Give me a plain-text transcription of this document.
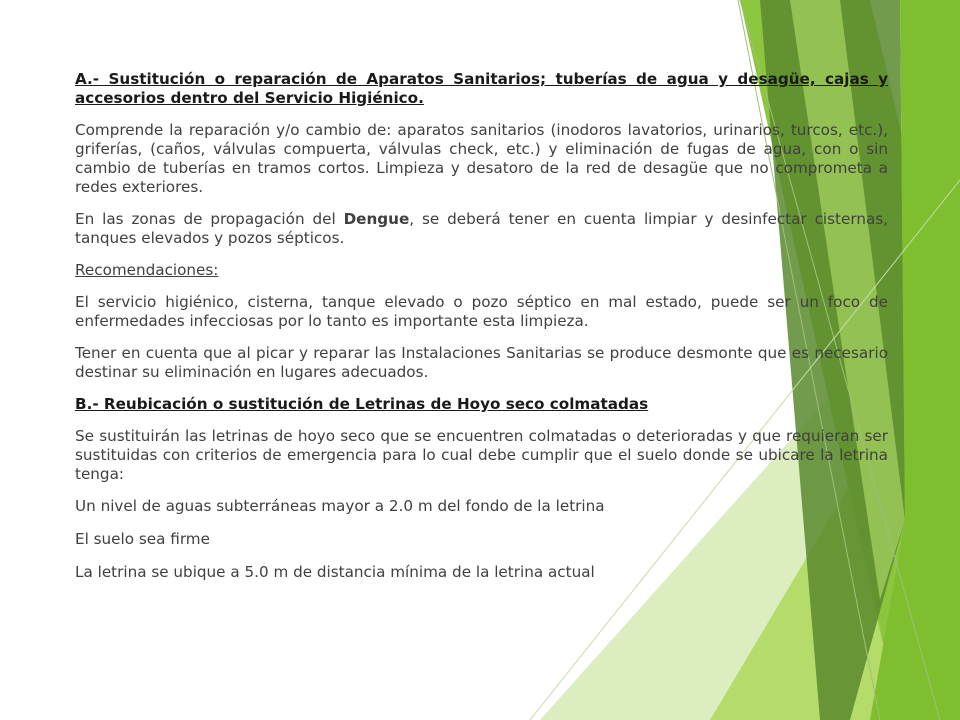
A.- Sustitución o reparación de Aparatos Sanitarios; tuberías de agua y desagüe, cajas y accesorios dentro del Servicio Higiénico.

Comprende la reparación y/o cambio de: aparatos sanitarios (inodoros lavatorios, urinarios, turcos, etc.), griferías, (caños, válvulas compuerta, válvulas check, etc.) y eliminación de fugas de agua, con o sin cambio de tuberías en tramos cortos. Limpieza y desatoro de la red de desagüe que no comprometa a redes exteriores.

En las zonas de propagación del Dengue, se deberá tener en cuenta limpiar y desinfectar cisternas, tanques elevados y pozos sépticos.

Recomendaciones:

El servicio higiénico, cisterna, tanque elevado o pozo séptico en mal estado, puede ser un foco de enfermedades infecciosas por lo tanto es importante esta limpieza.

Tener en cuenta que al picar y reparar las Instalaciones Sanitarias se produce desmonte que es necesario destinar su eliminación en lugares adecuados.

B.- Reubicación o sustitución de Letrinas de Hoyo seco colmatadas

Se sustituirán las letrinas de hoyo seco que se encuentren colmatadas o deterioradas y que requieran ser sustituidas con criterios de emergencia para lo cual debe cumplir que el suelo donde se ubicare la letrina tenga:

Un nivel de aguas subterráneas mayor a 2.0 m del fondo de la letrina

El suelo sea firme

La letrina se ubique a 5.0 m de distancia mínima de la letrina actual
